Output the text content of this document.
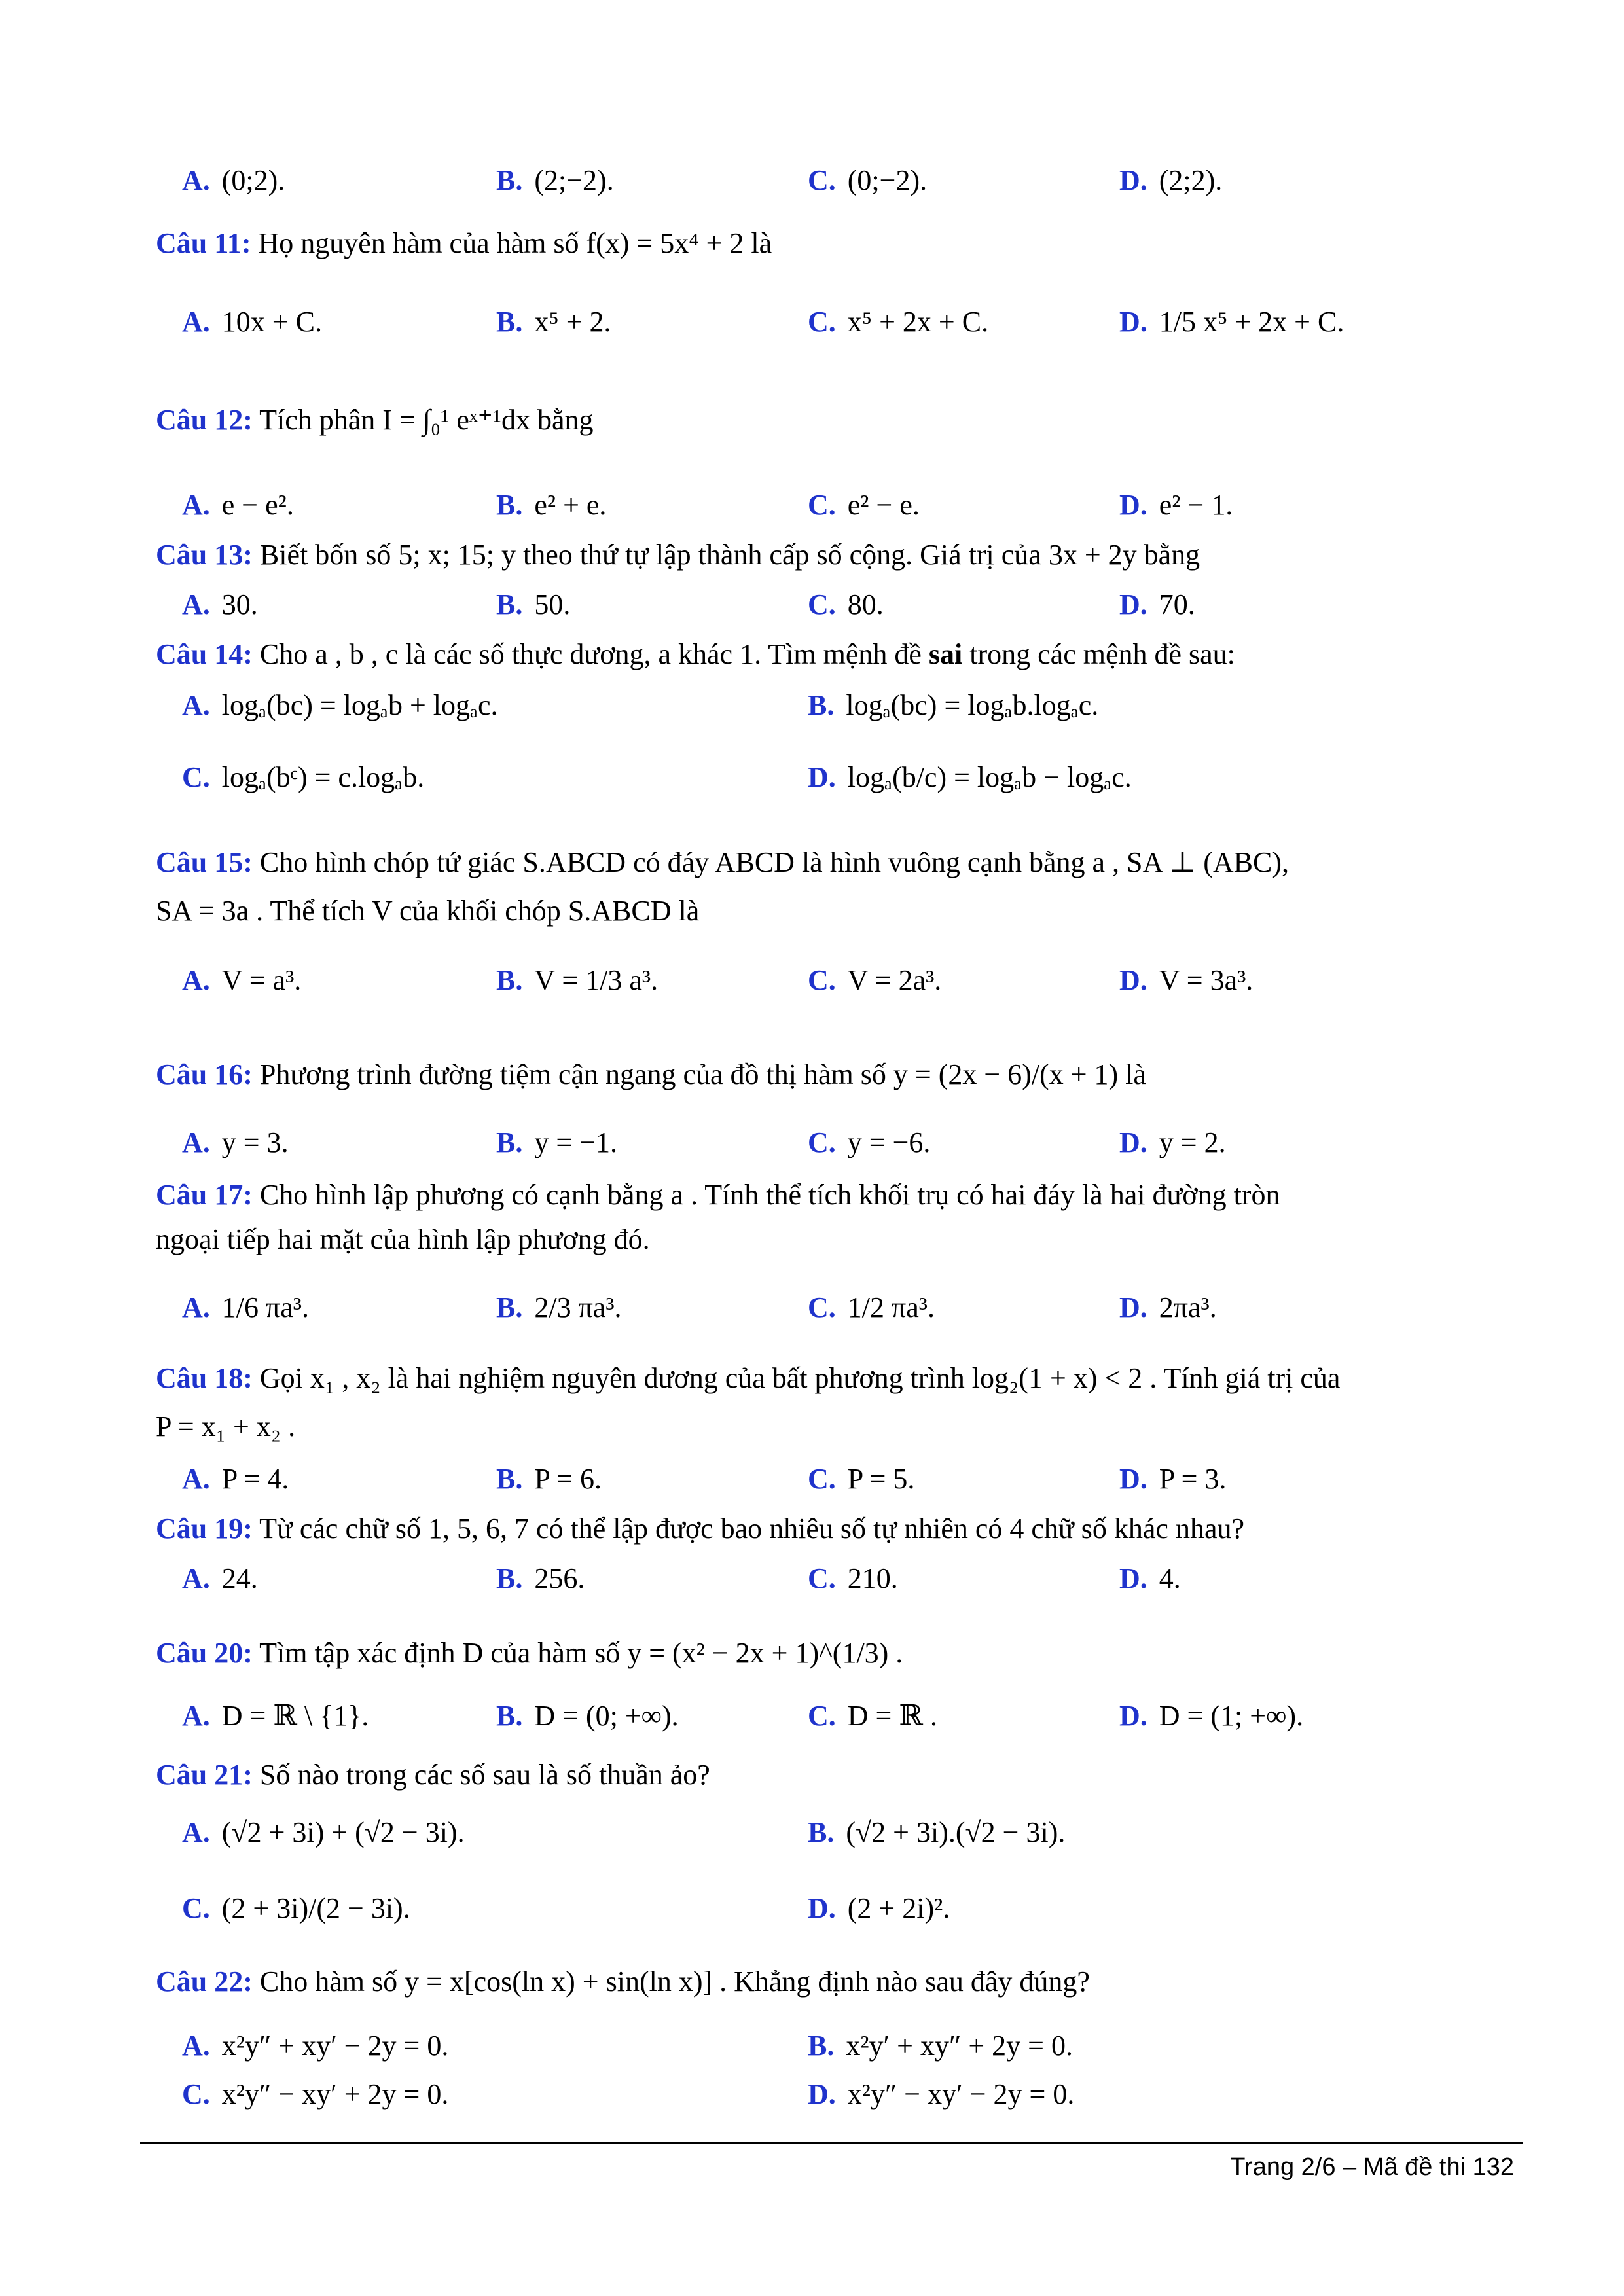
A. (0;2).	B. (2;−2).	C. (0;−2).	D. (2;2).
Câu 11: Họ nguyên hàm của hàm số f(x) = 5x⁴ + 2 là
A. 10x + C.	B. x⁵ + 2.	C. x⁵ + 2x + C.	D. 1/5 x⁵ + 2x + C.
Câu 12: Tích phân I = ∫₀¹ eˣ⁺¹dx bằng
A. e − e².	B. e² + e.	C. e² − e.	D. e² − 1.
Câu 13: Biết bốn số 5; x; 15; y theo thứ tự lập thành cấp số cộng. Giá trị của 3x + 2y bằng
A. 30.	B. 50.	C. 80.	D. 70.
Câu 14: Cho a , b , c là các số thực dương, a khác 1. Tìm mệnh đề sai trong các mệnh đề sau:
A. logₐ(bc) = logₐb + logₐc.	B. logₐ(bc) = logₐb.logₐc.
C. logₐ(bᶜ) = c.logₐb.	D. logₐ(b/c) = logₐb − logₐc.
Câu 15: Cho hình chóp tứ giác S.ABCD có đáy ABCD là hình vuông cạnh bằng a , SA ⊥ (ABC),
SA = 3a . Thể tích V của khối chóp S.ABCD là
A. V = a³.	B. V = 1/3 a³.	C. V = 2a³.	D. V = 3a³.
Câu 16: Phương trình đường tiệm cận ngang của đồ thị hàm số y = (2x − 6)/(x + 1) là
A. y = 3.	B. y = −1.	C. y = −6.	D. y = 2.
Câu 17: Cho hình lập phương có cạnh bằng a . Tính thể tích khối trụ có hai đáy là hai đường tròn
ngoại tiếp hai mặt của hình lập phương đó.
A. 1/6 πa³.	B. 2/3 πa³.	C. 1/2 πa³.	D. 2πa³.
Câu 18: Gọi x₁ , x₂ là hai nghiệm nguyên dương của bất phương trình log₂(1 + x) < 2 . Tính giá trị của
P = x₁ + x₂ .
A. P = 4.	B. P = 6.	C. P = 5.	D. P = 3.
Câu 19: Từ các chữ số 1, 5, 6, 7 có thể lập được bao nhiêu số tự nhiên có 4 chữ số khác nhau?
A. 24.	B. 256.	C. 210.	D. 4.
Câu 20: Tìm tập xác định D của hàm số y = (x² − 2x + 1)^(1/3) .
A. D = ℝ \ {1}.	B. D = (0; +∞).	C. D = ℝ .	D. D = (1; +∞).
Câu 21: Số nào trong các số sau là số thuần ảo?
A. (√2 + 3i) + (√2 − 3i).	B. (√2 + 3i).(√2 − 3i).
C. (2 + 3i)/(2 − 3i).	D. (2 + 2i)².
Câu 22: Cho hàm số y = x[cos(ln x) + sin(ln x)] . Khẳng định nào sau đây đúng?
A. x²y″ + xy′ − 2y = 0.	B. x²y′ + xy″ + 2y = 0.
C. x²y″ − xy′ + 2y = 0.	D. x²y″ − xy′ − 2y = 0.
Trang 2/6 – Mã đề thi 132
